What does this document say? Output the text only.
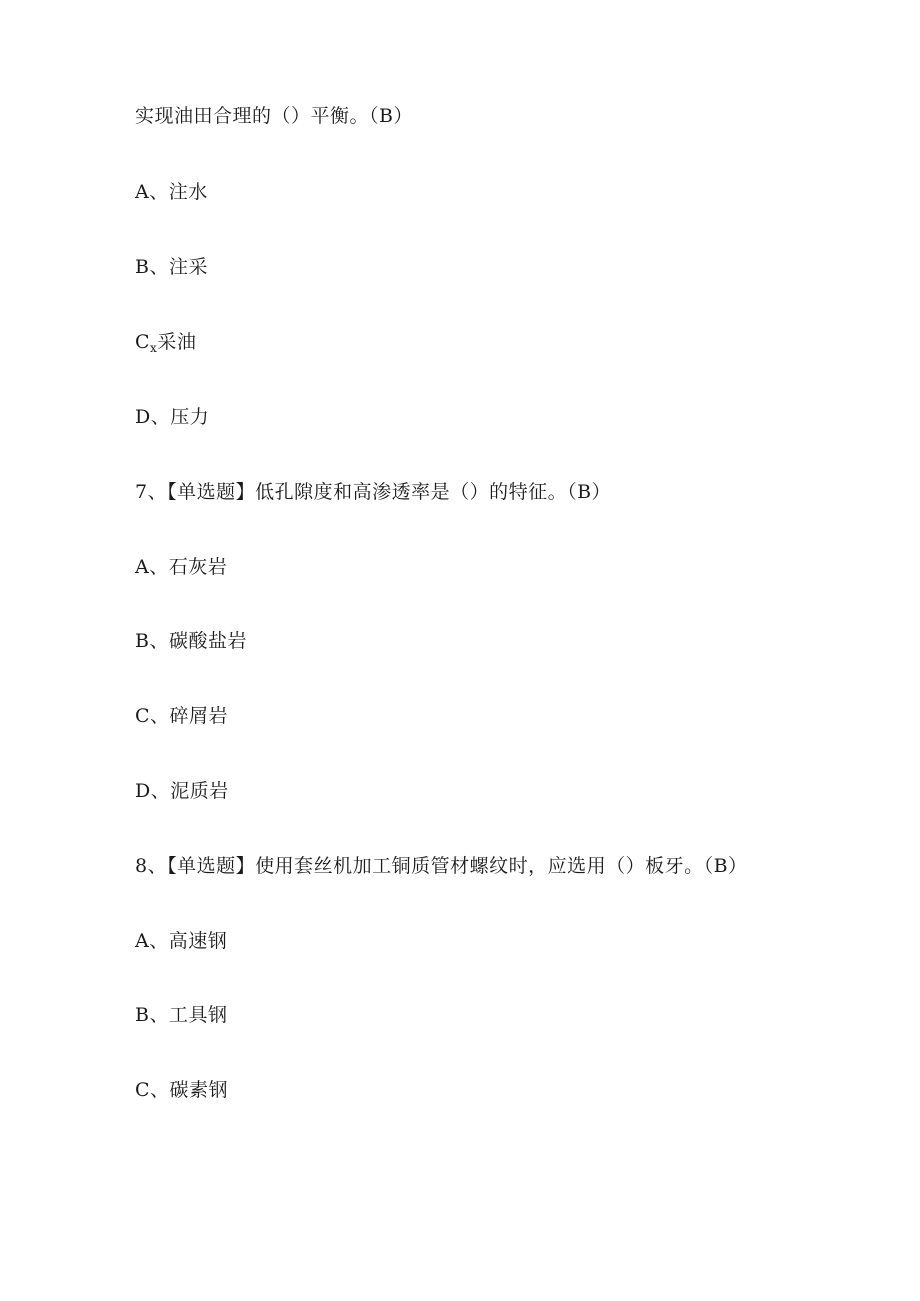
实现油田合理的（）平衡。（B）
A、注水
B、注采
$C_x$采油
D、压力
7、【单选题】低孔隙度和高渗透率是（）的特征。（B）
A、石灰岩
B、碳酸盐岩
C、碎屑岩
D、泥质岩
8、【单选题】使用套丝机加工铜质管材螺纹时，应选用（）板牙。（B）
A、高速钢
B、工具钢
C、碳素钢
